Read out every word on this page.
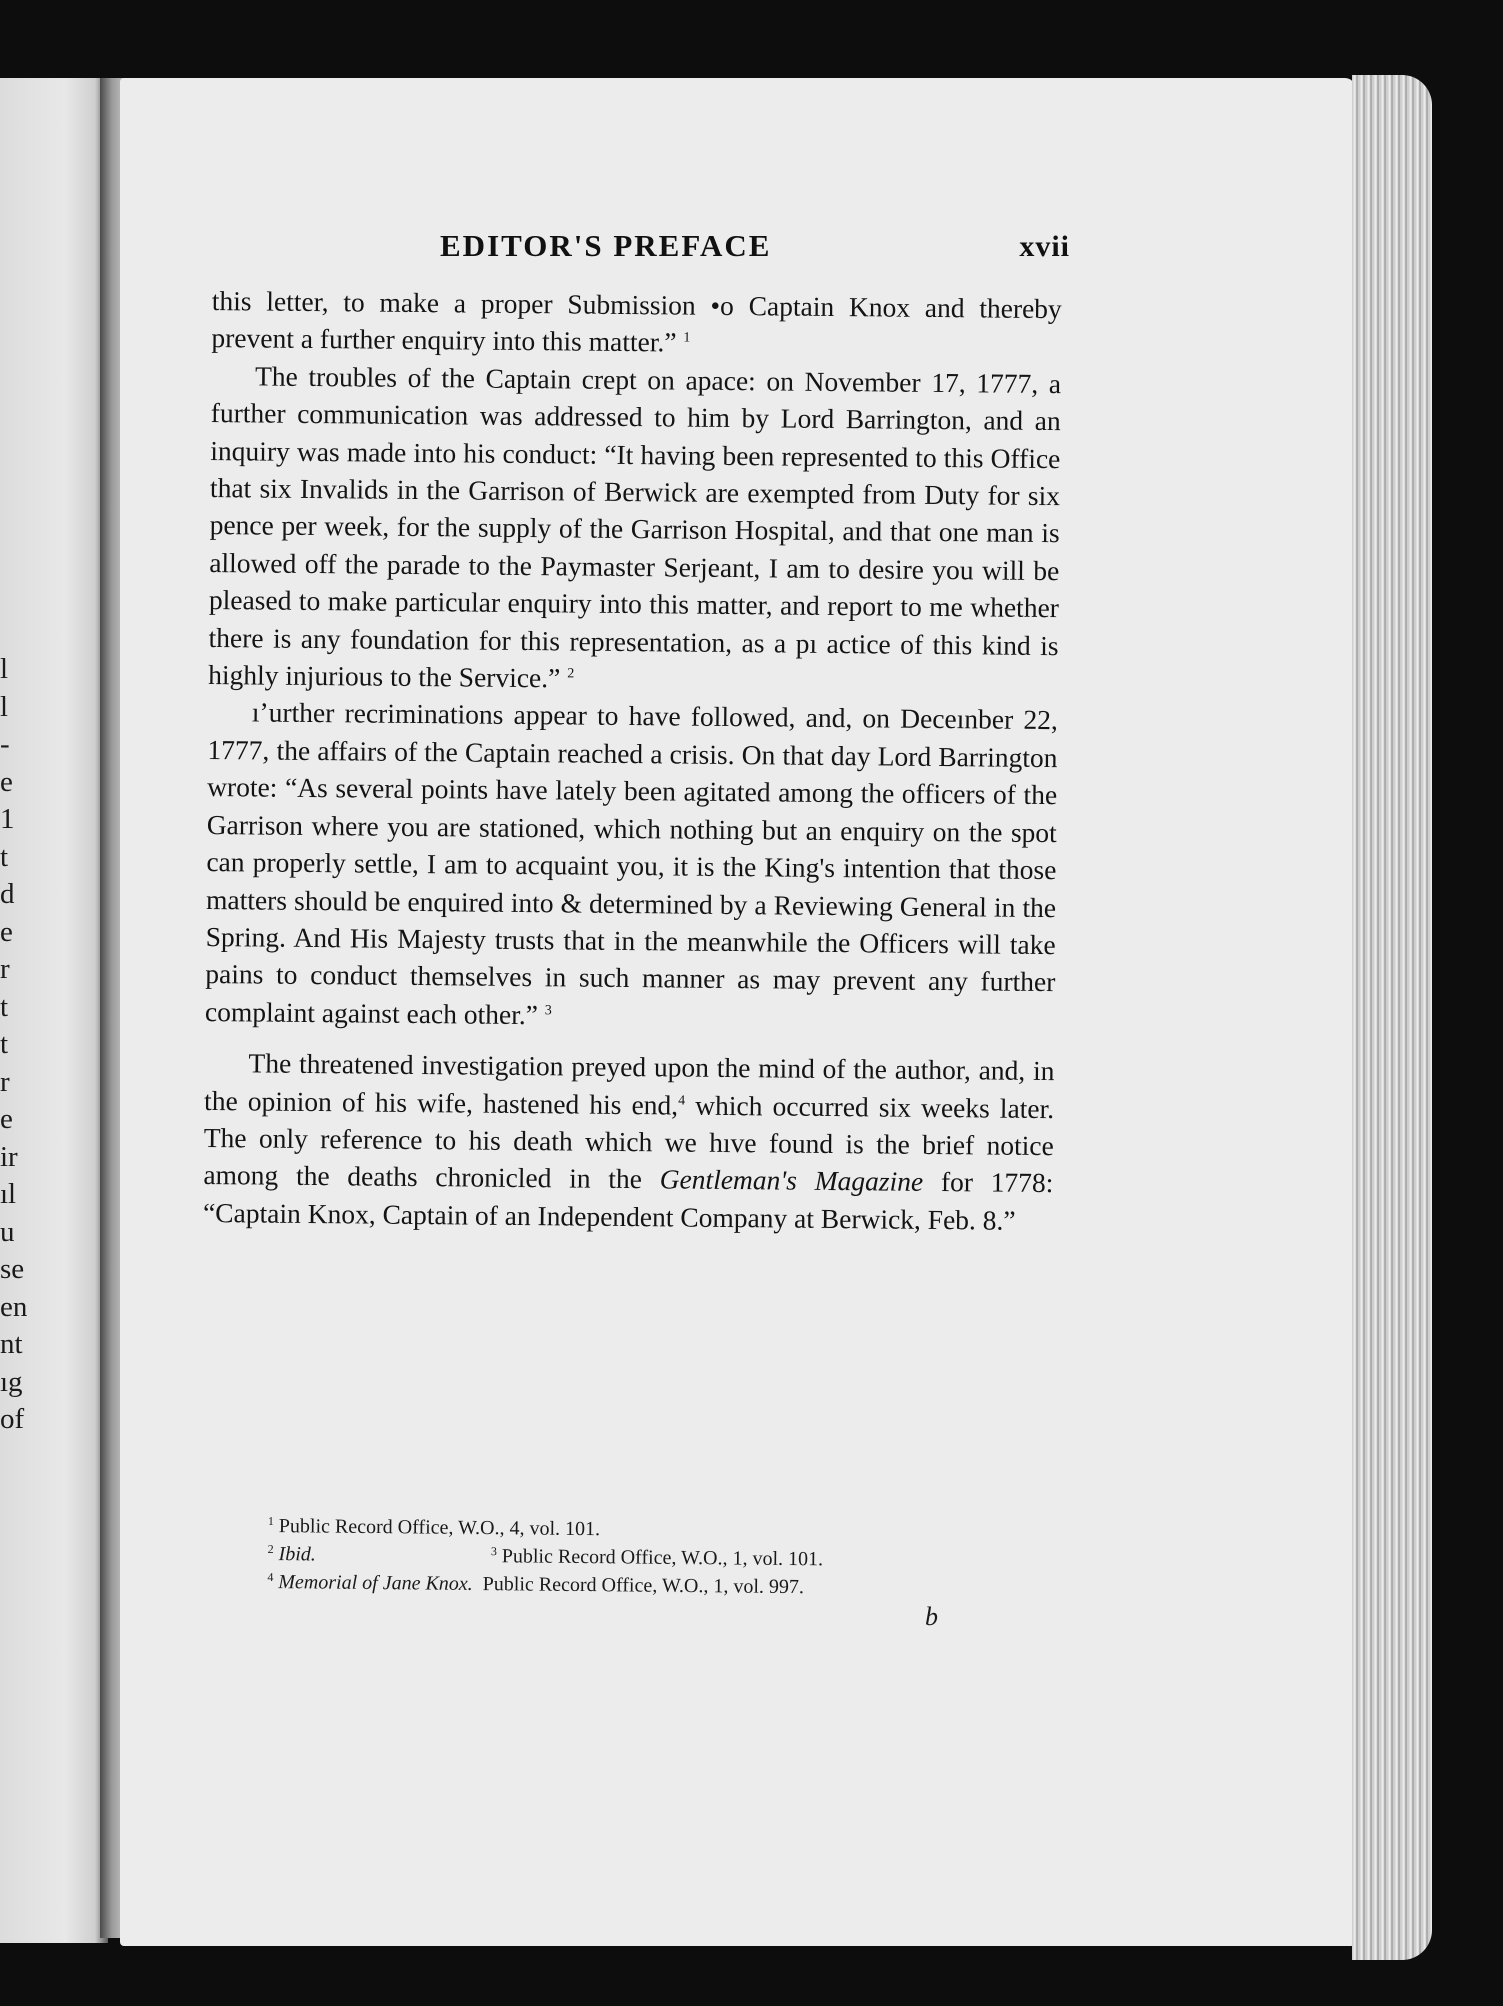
l
l
-
e
1
t
d
e
r
t
t
r
e
ir
ıl
u
se
en
nt
ıg
of
EDITOR'S PREFACE	xvii

this letter, to make a proper Submission •o Captain Knox and thereby prevent a further enquiry into this matter.” $^1$

The troubles of the Captain crept on apace: on November 17, 1777, a further communication was addressed to him by Lord Barrington, and an inquiry was made into his conduct: “It having been represented to this Office that six Invalids in the Garrison of Berwick are exempted from Duty for six pence per week, for the supply of the Garrison Hospital, and that one man is allowed off the parade to the Paymaster Serjeant, I am to desire you will be pleased to make particular enquiry into this matter, and report to me whether there is any foundation for this representation, as a pı actice of this kind is highly injurious to the Servicе.” $^2$

ı’urther recriminations appear to have followed, and, on Deceınber 22, 1777, the affairs of the Captain rеached a crisis. On that day Lord Barrington wrote: “As several points have lately been agitated among the officers of the Garrison where you are stationed, which nothing but an enquiry on the spot can properly settle, I am to acquaint you, it is the King's intention that those matters should be enquired into & determined by a Reviewing General in the Spring. And His Majesty trusts that in the meanwhile the Officers will take pains to conduct themselves in such manner as may prevent any further complaint against each other.” $^3$

The threatened investigation preyed upon the mind of the author, and, in the opinion of his wife, hastened his end,$^4$ which occurred six weeks later. The only reference to his death which we hıve found is the brief notice among the deaths chronicled in the Gentleman's Magazine for 1778: “Captain Knox, Captain of an Independent Company at Berwick, Feb. 8.”

$^1$ Public Record Office, W.O., 4, vol. 101.
$^2$ Ibid.	$^3$ Public Record Office, W.O., 1, vol. 101.
$^4$ Memorial of Jane Knox. Public Record Office, W.O., 1, vol. 997.
b
